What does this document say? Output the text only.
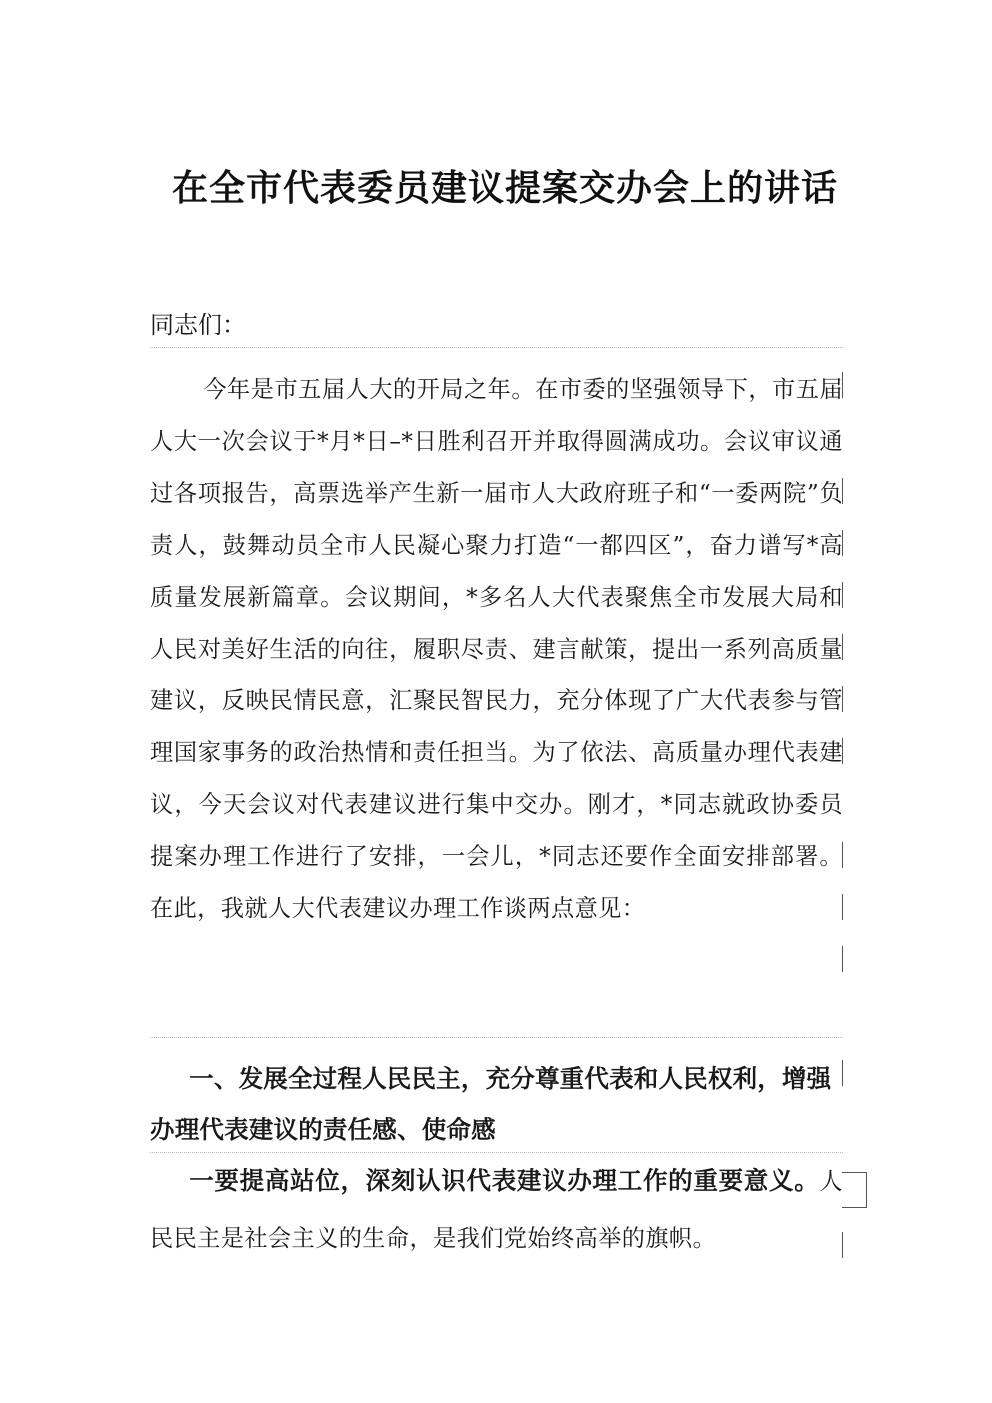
在全市代表委员建议提案交办会上的讲话
同志们：
今年是市五届人大的开局之年。在市委的坚强领导下，市五届人大一次会议于*月*日–*日胜利召开并取得圆满成功。会议审议通过各项报告，高票选举产生新一届市人大政府班子和“一委两院”负责人，鼓舞动员全市人民凝心聚力打造“一都四区”，奋力谱写*高质量发展新篇章。会议期间，*多名人大代表聚焦全市发展大局和人民对美好生活的向往，履职尽责、建言献策，提出一系列高质量建议，反映民情民意，汇聚民智民力，充分体现了广大代表参与管理国家事务的政治热情和责任担当。为了依法、高质量办理代表建议，今天会议对代表建议进行集中交办。刚才，*同志就政协委员提案办理工作进行了安排，一会儿，*同志还要作全面安排部署。在此，我就人大代表建议办理工作谈两点意见：
一、发展全过程人民民主，充分尊重代表和人民权利，增强办理代表建议的责任感、使命感
一要提高站位，深刻认识代表建议办理工作的重要意义。人民民主是社会主义的生命，是我们党始终高举的旗帜。
